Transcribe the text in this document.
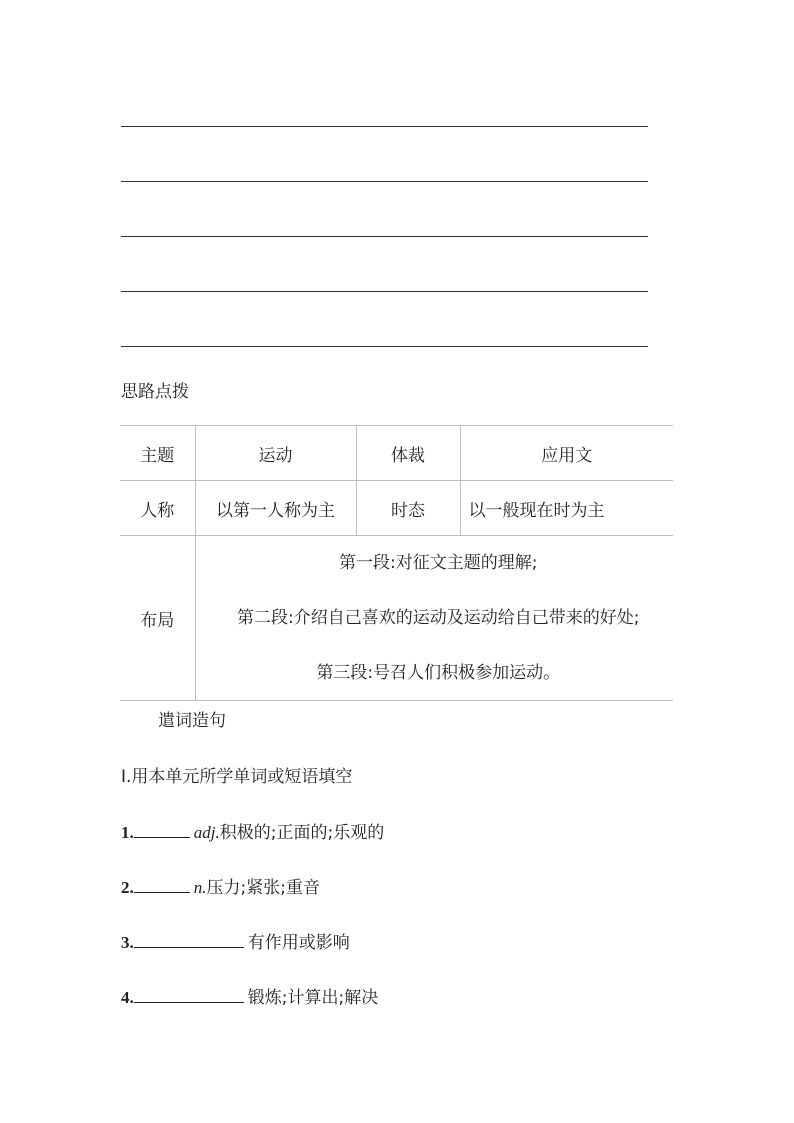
思路点拨
主题	运动	体裁	应用文
人称	以第一人称为主	时态	以一般现在时为主
布局	第一段:对征文主题的理解;
第二段:介绍自己喜欢的运动及运动给自己带来的好处;
第三段:号召人们积极参加运动。		
遣词造句
Ⅰ.用本单元所学单词或短语填空
1.	adj.积极的;正面的;乐观的
2.	n.压力;紧张;重音
3.	有作用或影响
4.	锻炼;计算出;解决
